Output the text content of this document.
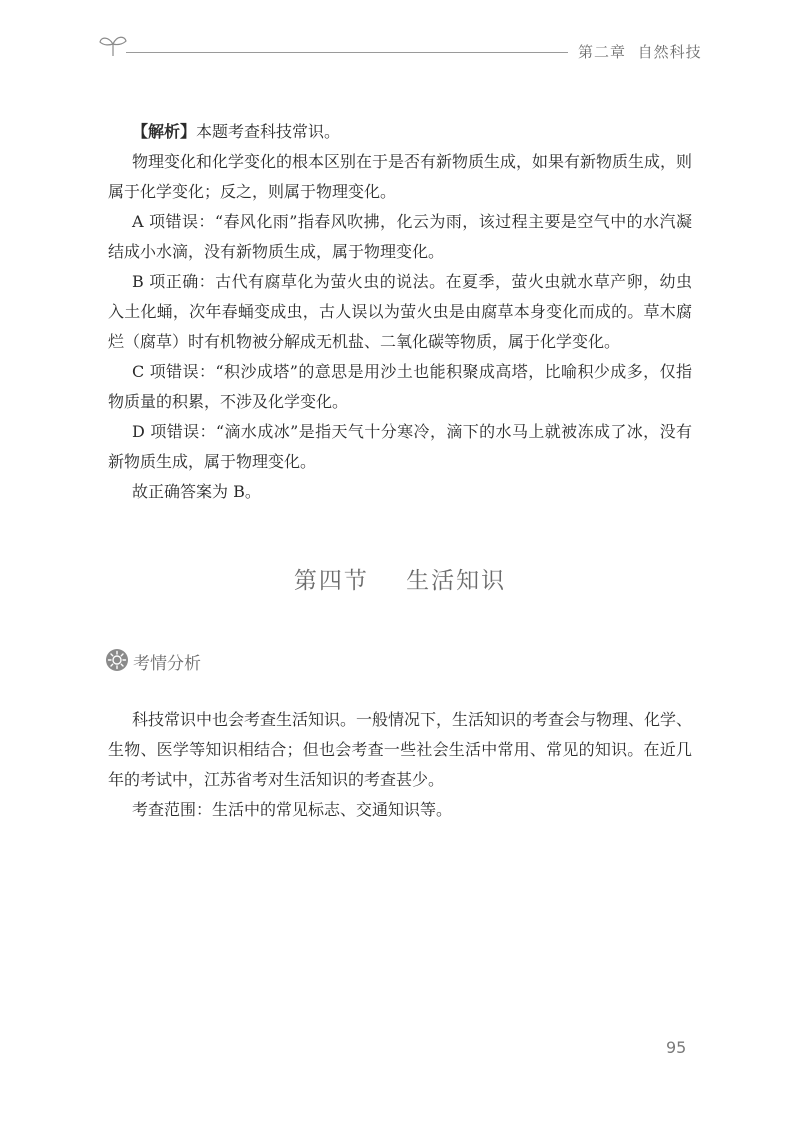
第二章 自然科技

【解析】本题考查科技常识。

物理变化和化学变化的根本区别在于是否有新物质生成，如果有新物质生成，则属于化学变化；反之，则属于物理变化。

A 项错误：“春风化雨”指春风吹拂，化云为雨，该过程主要是空气中的水汽凝结成小水滴，没有新物质生成，属于物理变化。

B 项正确：古代有腐草化为萤火虫的说法。在夏季，萤火虫就水草产卵，幼虫入土化蛹，次年春蛹变成虫，古人误以为萤火虫是由腐草本身变化而成的。草木腐烂（腐草）时有机物被分解成无机盐、二氧化碳等物质，属于化学变化。

C 项错误：“积沙成塔”的意思是用沙土也能积聚成高塔，比喻积少成多，仅指物质量的积累，不涉及化学变化。

D 项错误：“滴水成冰”是指天气十分寒冷，滴下的水马上就被冻成了冰，没有新物质生成，属于物理变化。

故正确答案为 B。

第四节 生活知识
考情分析

科技常识中也会考查生活知识。一般情况下，生活知识的考查会与物理、化学、生物、医学等知识相结合；但也会考查一些社会生活中常用、常见的知识。在近几年的考试中，江苏省考对生活知识的考查甚少。

考查范围：生活中的常见标志、交通知识等。

95
